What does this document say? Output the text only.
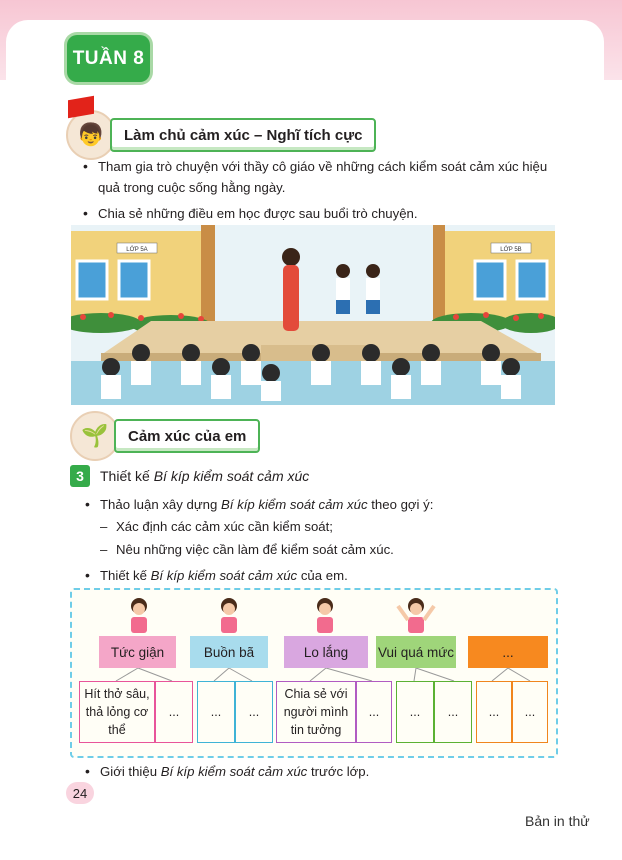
TUẦN 8
👦	Làm chủ cảm xúc – Nghĩ tích cực
• Tham gia trò chuyện với thầy cô giáo về những cách kiểm soát cảm xúc hiệu
quả trong cuộc sống hằng ngày.
• Chia sẻ những điều em học được sau buổi trò chuyện.
LỚP 5A	LỚP 5B
🌱	Cảm xúc của em
3	Thiết kế Bí kíp kiểm soát cảm xúc
• Thảo luận xây dựng Bí kíp kiểm soát cảm xúc theo gợi ý:
– Xác định các cảm xúc cần kiểm soát;
– Nêu những việc cần làm để kiểm soát cảm xúc.
• Thiết kế Bí kíp kiểm soát cảm xúc của em.
Tức giận	Buồn bã	Lo lắng	Vui quá mức	...
Hít thở sâu, thả lỏng cơ thể
...	...	...
Chia sẻ với người mình tin tưởng
...	...	...	...	...
• Giới thiệu Bí kíp kiểm soát cảm xúc trước lớp.
24
Bản in thử
